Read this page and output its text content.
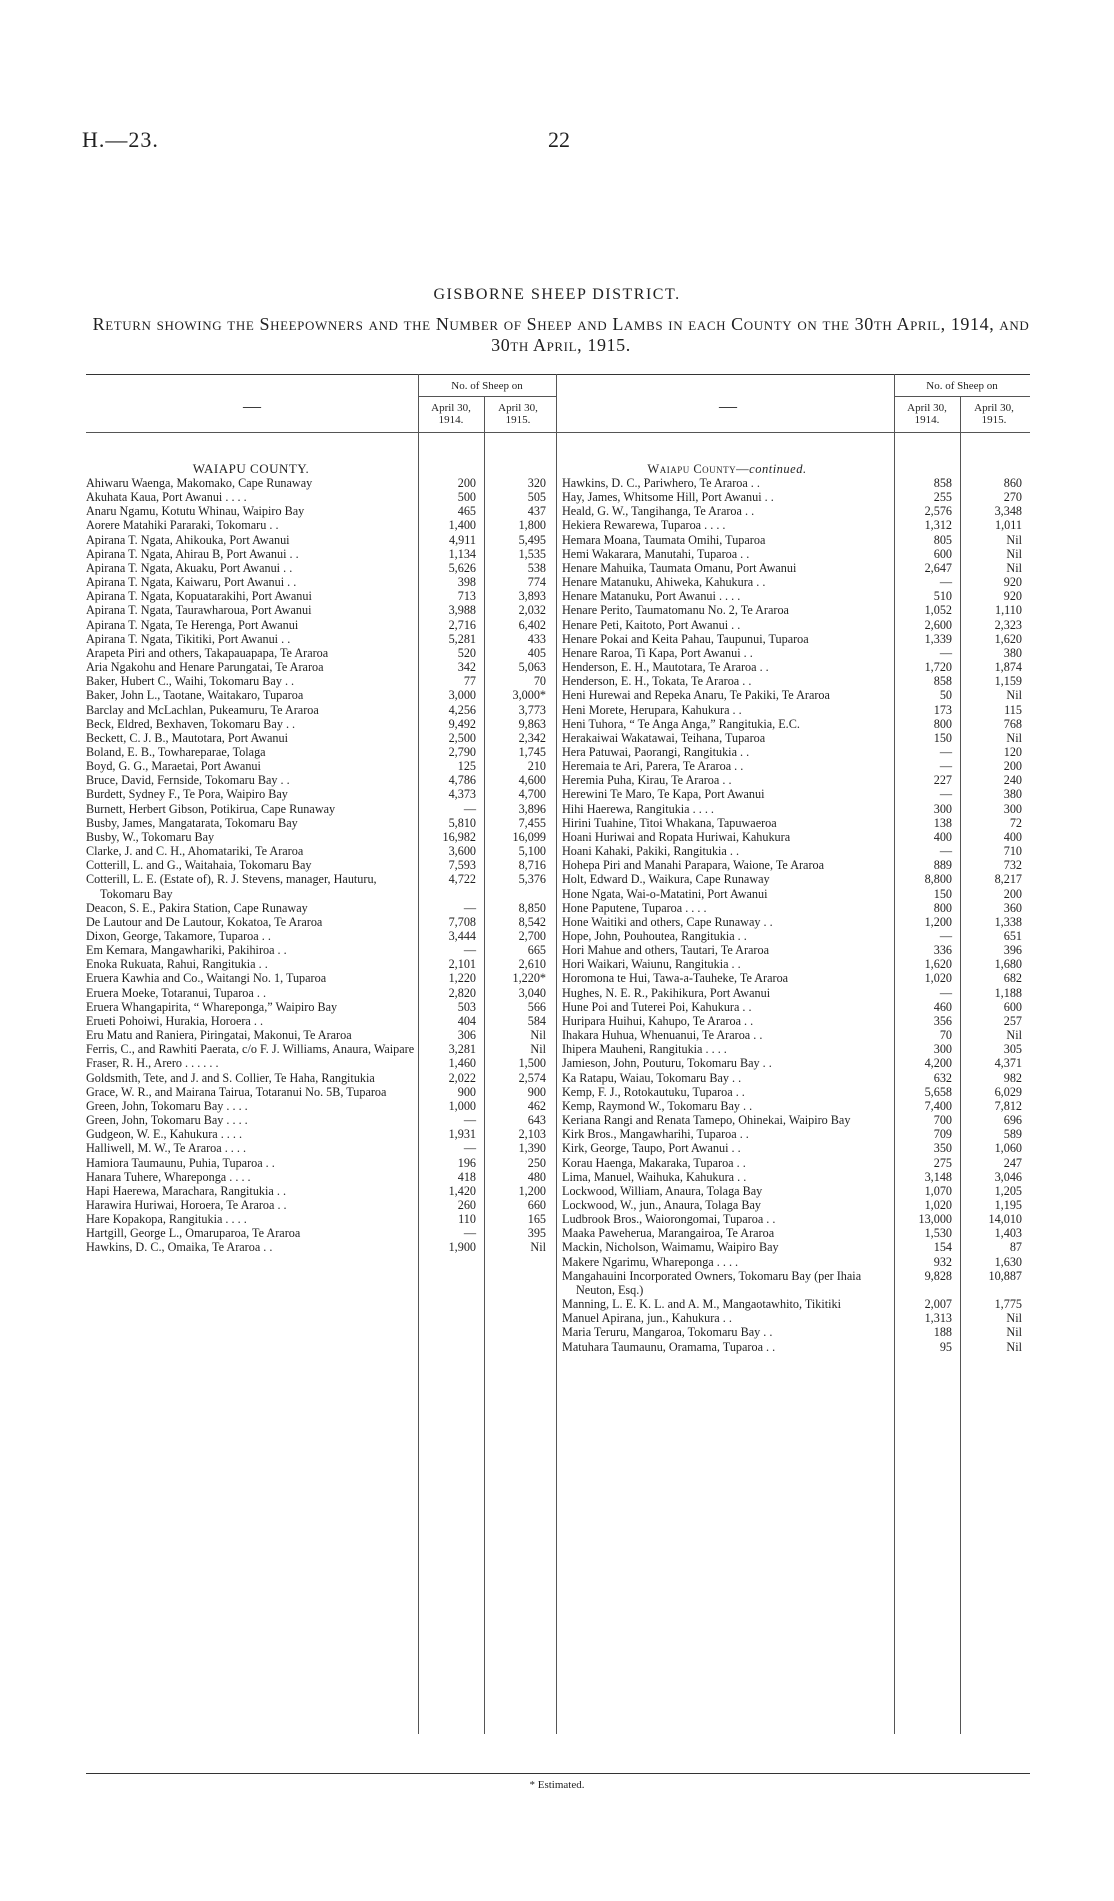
H.—23.	22
GISBORNE SHEEP DISTRICT.
Return showing the Sheepowners and the Number of Sheep and Lambs in each County on the 30th April, 1914, and 30th April, 1915.
—
No. of Sheep on
April 30, 1914.
April 30, 1915.
—
No. of Sheep on
April 30, 1914.
April 30, 1915.
WAIAPU COUNTY.
Ahiwaru Waenga, Makomako, Cape Runaway	200	320
Akuhata Kaua, Port Awanui . . . .	500	505
Anaru Ngamu, Kotutu Whinau, Waipiro Bay	465	437
Aorere Matahiki Pararaki, Tokomaru . .	1,400	1,800
Apirana T. Ngata, Ahikouka, Port Awanui	4,911	5,495
Apirana T. Ngata, Ahirau B, Port Awanui . .	1,134	1,535
Apirana T. Ngata, Akuaku, Port Awanui . .	5,626	538
Apirana T. Ngata, Kaiwaru, Port Awanui . .	398	774
Apirana T. Ngata, Kopuatarakihi, Port Awanui	713	3,893
Apirana T. Ngata, Taurawharoua, Port Awanui	3,988	2,032
Apirana T. Ngata, Te Herenga, Port Awanui	2,716	6,402
Apirana T. Ngata, Tikitiki, Port Awanui . .	5,281	433
Arapeta Piri and others, Takapauapapa, Te Araroa	520	405
Aria Ngakohu and Henare Parungatai, Te Araroa	342	5,063
Baker, Hubert C., Waihi, Tokomaru Bay . .	77	70
Baker, John L., Taotane, Waitakaro, Tuparoa	3,000	3,000*
Barclay and McLachlan, Pukeamuru, Te Araroa	4,256	3,773
Beck, Eldred, Bexhaven, Tokomaru Bay . .	9,492	9,863
Beckett, C. J. B., Mautotara, Port Awanui	2,500	2,342
Boland, E. B., Towhareparae, Tolaga	2,790	1,745
Boyd, G. G., Maraetai, Port Awanui	125	210
Bruce, David, Fernside, Tokomaru Bay . .	4,786	4,600
Burdett, Sydney F., Te Pora, Waipiro Bay	4,373	4,700
Burnett, Herbert Gibson, Potikirua, Cape Runaway	—	3,896
Busby, James, Mangatarata, Tokomaru Bay	5,810	7,455
Busby, W., Tokomaru Bay	16,982	16,099
Clarke, J. and C. H., Ahomatariki, Te Araroa	3,600	5,100
Cotterill, L. and G., Waitahaia, Tokomaru Bay	7,593	8,716
Cotterill, L. E. (Estate of), R. J. Stevens, manager, Hauturu, Tokomaru Bay
4,722	5,376
Deacon, S. E., Pakira Station, Cape Runaway	—	8,850
De Lautour and De Lautour, Kokatoa, Te Araroa	7,708	8,542
Dixon, George, Takamore, Tuparoa . .	3,444	2,700
Em Kemara, Mangawhariki, Pakihiroa . .	—	665
Enoka Rukuata, Rahui, Rangitukia . .	2,101	2,610
Eruera Kawhia and Co., Waitangi No. 1, Tuparoa	1,220	1,220*
Eruera Moeke, Totaranui, Tuparoa . .	2,820	3,040
Eruera Whangapirita, “ Whareponga,” Waipiro Bay	503	566
Erueti Pohoiwi, Hurakia, Horoera . .	404	584
Eru Matu and Raniera, Piringatai, Makonui, Te Araroa	306	Nil
Ferris, C., and Rawhiti Paerata, c/o F. J. Williams, Anaura, Waipare	3,281	Nil
Fraser, R. H., Arero . . . . . .	1,460	1,500
Goldsmith, Tete, and J. and S. Collier, Te Haha, Rangitukia	2,022	2,574
Grace, W. R., and Mairana Tairua, Totaranui No. 5B, Tuparoa	900	900
Green, John, Tokomaru Bay . . . .	1,000	462
Green, John, Tokomaru Bay . . . .	—	643
Gudgeon, W. E., Kahukura . . . .	1,931	2,103
Halliwell, M. W., Te Araroa . . . .	—	1,390
Hamiora Taumaunu, Puhia, Tuparoa . .	196	250
Hanara Tuhere, Whareponga . . . .	418	480
Hapi Haerewa, Marachara, Rangitukia . .	1,420	1,200
Harawira Huriwai, Horoera, Te Araroa . .	260	660
Hare Kopakopa, Rangitukia . . . .	110	165
Hartgill, George L., Omaruparoa, Te Araroa	—	395
Hawkins, D. C., Omaika, Te Araroa . .	1,900	Nil
Waiapu County—continued.
Hawkins, D. C., Pariwhero, Te Araroa . .	858	860
Hay, James, Whitsome Hill, Port Awanui . .	255	270
Heald, G. W., Tangihanga, Te Araroa . .	2,576	3,348
Hekiera Rewarewa, Tuparoa . . . .	1,312	1,011
Hemara Moana, Taumata Omihi, Tuparoa	805	Nil
Hemi Wakarara, Manutahi, Tuparoa . .	600	Nil
Henare Mahuika, Taumata Omanu, Port Awanui	2,647	Nil
Henare Matanuku, Ahiweka, Kahukura . .	—	920
Henare Matanuku, Port Awanui . . . .	510	920
Henare Perito, Taumatomanu No. 2, Te Araroa	1,052	1,110
Henare Peti, Kaitoto, Port Awanui . .	2,600	2,323
Henare Pokai and Keita Pahau, Taupunui, Tuparoa	1,339	1,620
Henare Raroa, Ti Kapa, Port Awanui . .	—	380
Henderson, E. H., Mautotara, Te Araroa . .	1,720	1,874
Henderson, E. H., Tokata, Te Araroa . .	858	1,159
Heni Hurewai and Repeka Anaru, Te Pakiki, Te Araroa	50	Nil
Heni Morete, Herupara, Kahukura . .	173	115
Heni Tuhora, “ Te Anga Anga,” Rangitukia, E.C.	800	768
Herakaiwai Wakatawai, Teihana, Tuparoa	150	Nil
Hera Patuwai, Paorangi, Rangitukia . .	—	120
Heremaia te Ari, Parera, Te Araroa . .	—	200
Heremia Puha, Kirau, Te Araroa . .	227	240
Herewini Te Maro, Te Kapa, Port Awanui	—	380
Hihi Haerewa, Rangitukia . . . .	300	300
Hirini Tuahine, Titoi Whakana, Tapuwaeroa	138	72
Hoani Huriwai and Ropata Huriwai, Kahukura	400	400
Hoani Kahaki, Pakiki, Rangitukia . .	—	710
Hohepa Piri and Manahi Parapara, Waione, Te Araroa	889	732
Holt, Edward D., Waikura, Cape Runaway	8,800	8,217
Hone Ngata, Wai-o-Matatini, Port Awanui	150	200
Hone Paputene, Tuparoa . . . .	800	360
Hone Waitiki and others, Cape Runaway . .	1,200	1,338
Hope, John, Pouhoutea, Rangitukia . .	—	651
Hori Mahue and others, Tautari, Te Araroa	336	396
Hori Waikari, Waiunu, Rangitukia . .	1,620	1,680
Horomona te Hui, Tawa-a-Tauheke, Te Araroa	1,020	682
Hughes, N. E. R., Pakihikura, Port Awanui	—	1,188
Hune Poi and Tuterei Poi, Kahukura . .	460	600
Huripara Huihui, Kahupo, Te Araroa . .	356	257
Ihakara Huhua, Whenuanui, Te Araroa . .	70	Nil
Ihipera Mauheni, Rangitukia . . . .	300	305
Jamieson, John, Pouturu, Tokomaru Bay . .	4,200	4,371
Ka Ratapu, Waiau, Tokomaru Bay . .	632	982
Kemp, F. J., Rotokautuku, Tuparoa . .	5,658	6,029
Kemp, Raymond W., Tokomaru Bay . .	7,400	7,812
Keriana Rangi and Renata Tamepo, Ohinekai, Waipiro Bay	700	696
Kirk Bros., Mangawharihi, Tuparoa . .	709	589
Kirk, George, Taupo, Port Awanui . .	350	1,060
Korau Haenga, Makaraka, Tuparoa . .	275	247
Lima, Manuel, Waihuka, Kahukura . .	3,148	3,046
Lockwood, William, Anaura, Tolaga Bay	1,070	1,205
Lockwood, W., jun., Anaura, Tolaga Bay	1,020	1,195
Ludbrook Bros., Waiorongomai, Tuparoa . .	13,000	14,010
Maaka Paweherua, Marangairoa, Te Araroa	1,530	1,403
Mackin, Nicholson, Waimamu, Waipiro Bay	154	87
Makere Ngarimu, Whareponga . . . .	932	1,630
Mangahauini Incorporated Owners, Tokomaru Bay (per Ihaia Neuton, Esq.)
9,828	10,887
Manning, L. E. K. L. and A. M., Mangaotawhito, Tikitiki	2,007	1,775
Manuel Apirana, jun., Kahukura . .	1,313	Nil
Maria Teruru, Mangaroa, Tokomaru Bay . .	188	Nil
Matuhara Taumaunu, Oramama, Tuparoa . .	95	Nil
* Estimated.
